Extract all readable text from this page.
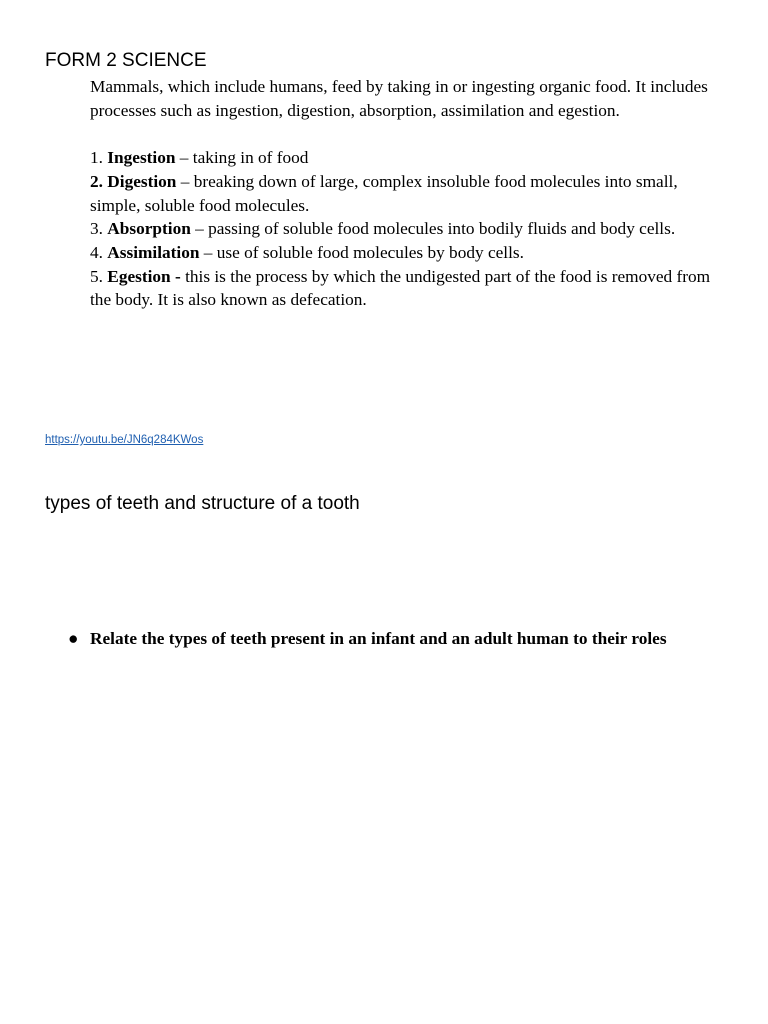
FORM 2 SCIENCE

Mammals, which include humans, feed by taking in or ingesting organic food. It includes processes such as ingestion, digestion, absorption, assimilation and egestion.

1. Ingestion – taking in of food

2. Digestion – breaking down of large, complex insoluble food molecules into small, simple, soluble food molecules.

3. Absorption – passing of soluble food molecules into bodily fluids and body cells.

4. Assimilation – use of soluble food molecules by body cells.

5. Egestion - this is the process by which the undigested part of the food is removed from the body. It is also known as defecation.

https://youtu.be/JN6q284KWos
types of teeth and structure of a tooth
● Relate the types of teeth present in an infant and an adult human to their roles
